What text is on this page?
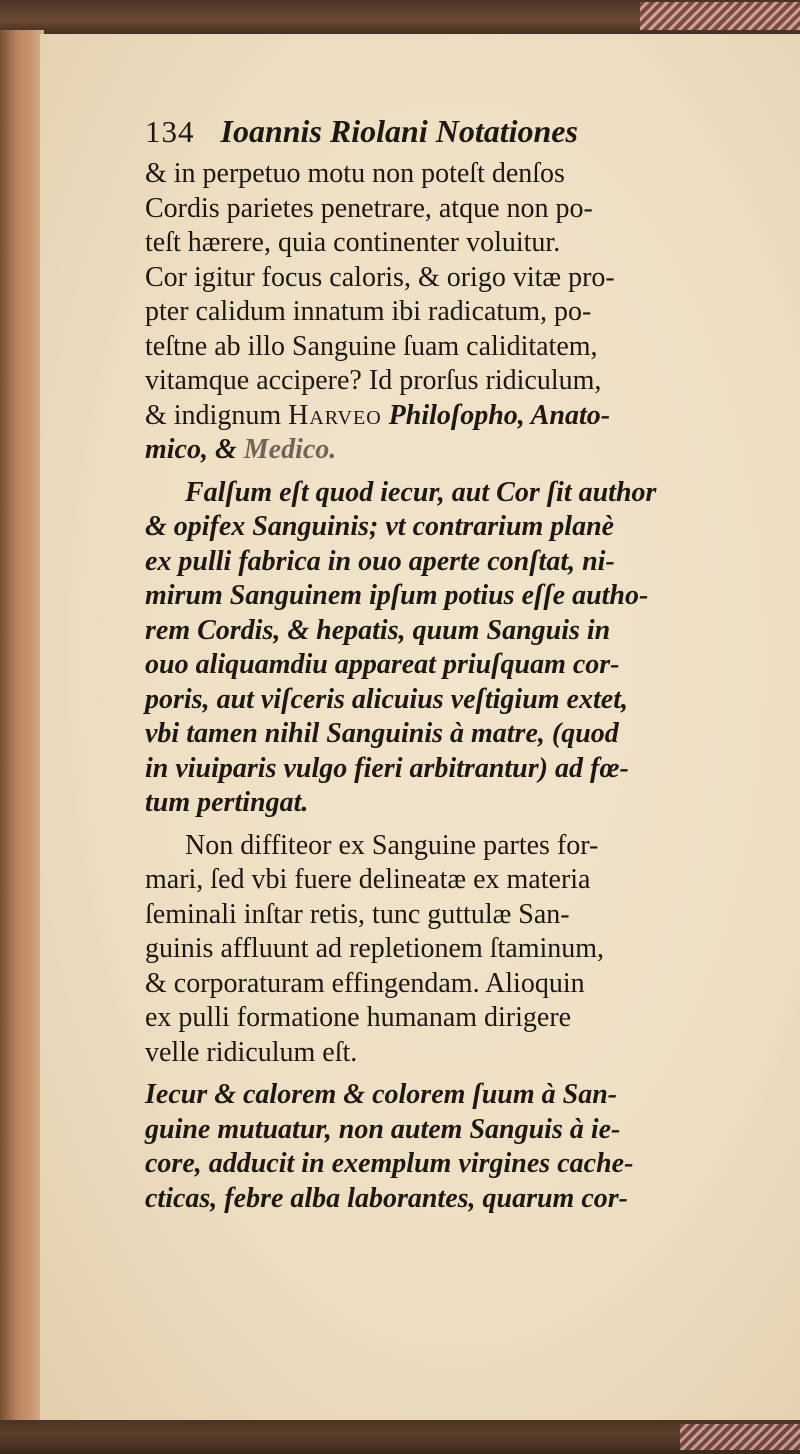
134 Ioannis Riolani Notationes
& in perpetuo motu non poteſt denſos
Cordis parietes penetrare, atque non po-
teſt hærere, quia continenter voluitur.
Cor igitur focus caloris, & origo vitæ pro-
pter calidum innatum ibi radicatum, po-
teſtne ab illo Sanguine ſuam caliditatem,
vitamque accipere? Id prorſus ridiculum,
& indignum Harveo Philoſopho, Anato-
mico, & Medico.
Falſum eſt quod iecur, aut Cor ſit author
& opifex Sanguinis; vt contrarium planè
ex pulli fabrica in ouo aperte conſtat, ni-
mirum Sanguinem ipſum potius eſſe autho-
rem Cordis, & hepatis, quum Sanguis in
ouo aliquamdiu appareat priuſquam cor-
poris, aut viſceris alicuius veſtigium extet,
vbi tamen nihil Sanguinis à matre, (quod
in viuiparis vulgo fieri arbitrantur) ad fœ-
tum pertingat.
Non diffiteor ex Sanguine partes for-
mari, ſed vbi fuere delineatæ ex materia
ſeminali inſtar retis, tunc guttulæ San-
guinis affluunt ad repletionem ſtaminum,
& corporaturam effingendam. Alioquin
ex pulli formatione humanam dirigere
velle ridiculum eſt.
Iecur & calorem & colorem ſuum à San-
guine mutuatur, non autem Sanguis à ie-
core, adducit in exemplum virgines cache-
cticas, febre alba laborantes, quarum cor-
